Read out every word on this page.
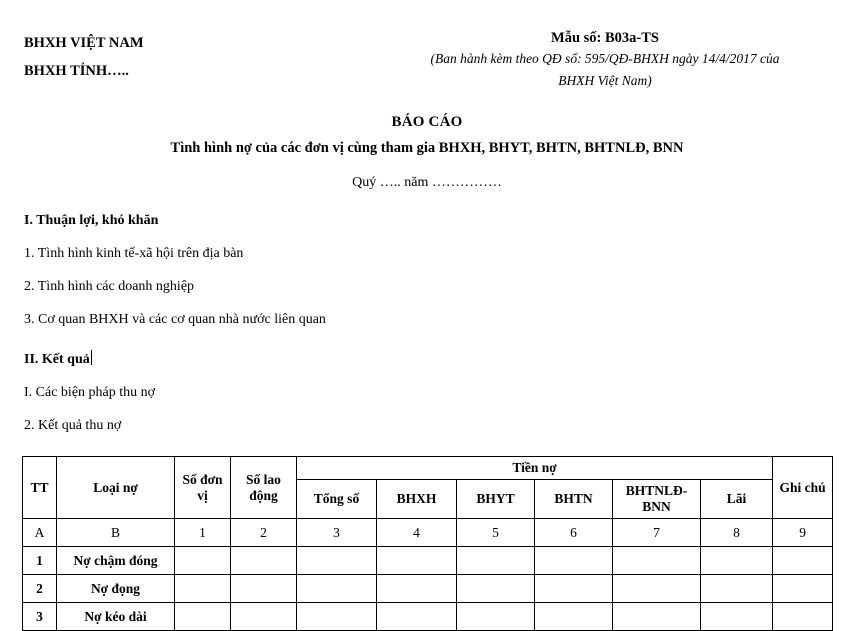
BHXH VIỆT NAM
BHXH TỈNH…..
Mẫu số: B03a-TS
(Ban hành kèm theo QĐ số: 595/QĐ-BHXH ngày 14/4/2017 của
BHXH Việt Nam)
BÁO CÁO
Tình hình nợ của các đơn vị cùng tham gia BHXH, BHYT, BHTN, BHTNLĐ, BNN
Quý ….. năm ……………
I. Thuận lợi, khó khăn
1. Tình hình kinh tế-xã hội trên địa bàn
2. Tình hình các doanh nghiệp
3. Cơ quan BHXH và các cơ quan nhà nước liên quan
II. Kết quả
I. Các biện pháp thu nợ
2. Kết quả thu nợ
TT	Loại nợ	Số đơn vị	Số lao động	Tiền nợ						Ghi chú
				Tổng số	BHXH	BHYT	BHTN	BHTNLĐ-BNN	Lãi	
A	B	1	2	3	4	5	6	7	8	9
1	Nợ chậm đóng									
2	Nợ đọng									
3	Nợ kéo dài									
